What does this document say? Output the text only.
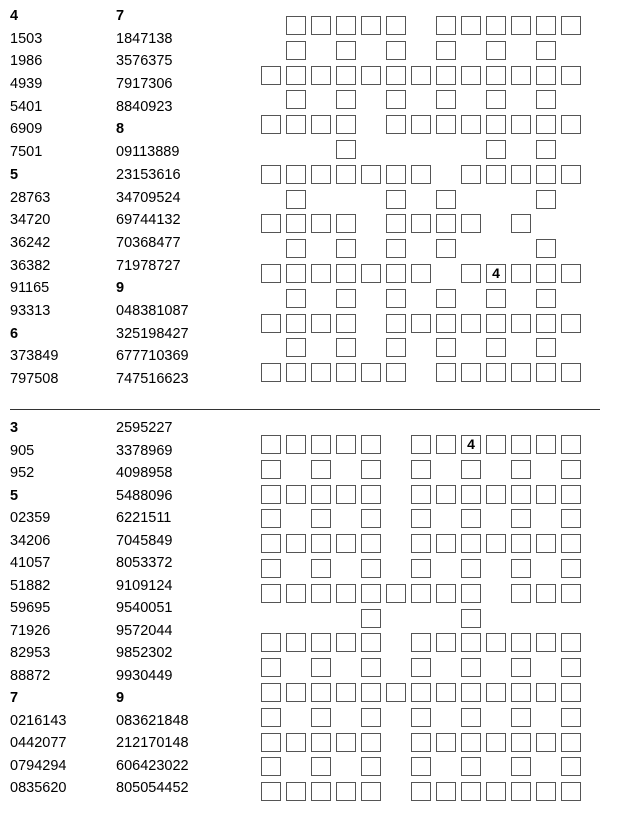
4
1503
1986
4939
5401
6909
7501
5
28763
34720
36242
36382
91165
93313
6
373849
797508
7
1847138
3576375
7917306
8840923
8
09113889
23153616
34709524
69744132
70368477
71978727
9
048381087
325198427
677710369
747516623
4
3
905
952
5
02359
34206
41057
51882
59695
71926
82953
88872
7
0216143
0442077
0794294
0835620
2595227
3378969
4098958
5488096
6221511
7045849
8053372
9109124
9540051
9572044
9852302
9930449
9
083621848
212170148
606423022
805054452
4
